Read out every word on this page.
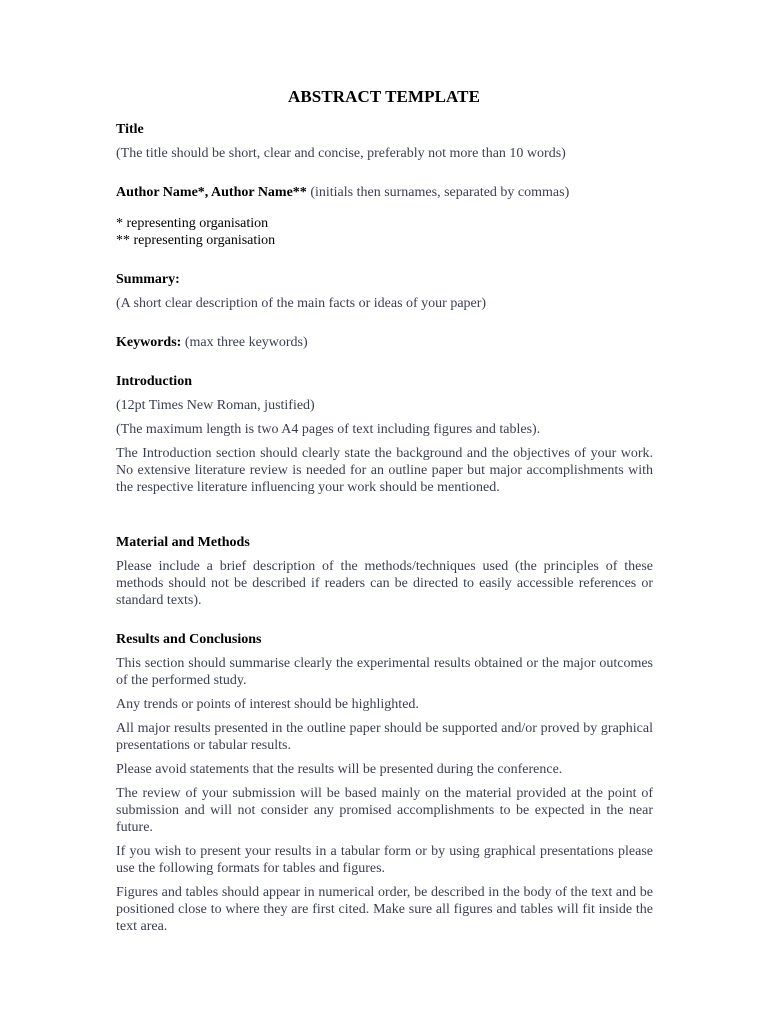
ABSTRACT TEMPLATE
Title
(The title should be short, clear and concise, preferably not more than 10 words)
Author Name*, Author Name** (initials then surnames, separated by commas)
* representing organisation
** representing organisation
Summary:
(A short clear description of the main facts or ideas of your paper)
Keywords: (max three keywords)
Introduction
(12pt Times New Roman, justified)
(The maximum length is two A4 pages of text including figures and tables).
The Introduction section should clearly state the background and the objectives of your work. No extensive literature review is needed for an outline paper but major accomplishments with the respective literature influencing your work should be mentioned.
Material and Methods
Please include a brief description of the methods/techniques used (the principles of these methods should not be described if readers can be directed to easily accessible references or standard texts).
Results and Conclusions
This section should summarise clearly the experimental results obtained or the major outcomes of the performed study.
Any trends or points of interest should be highlighted.
All major results presented in the outline paper should be supported and/or proved by graphical presentations or tabular results.
Please avoid statements that the results will be presented during the conference.
The review of your submission will be based mainly on the material provided at the point of submission and will not consider any promised accomplishments to be expected in the near future.
If you wish to present your results in a tabular form or by using graphical presentations please use the following formats for tables and figures.
Figures and tables should appear in numerical order, be described in the body of the text and be positioned close to where they are first cited. Make sure all figures and tables will fit inside the text area.
